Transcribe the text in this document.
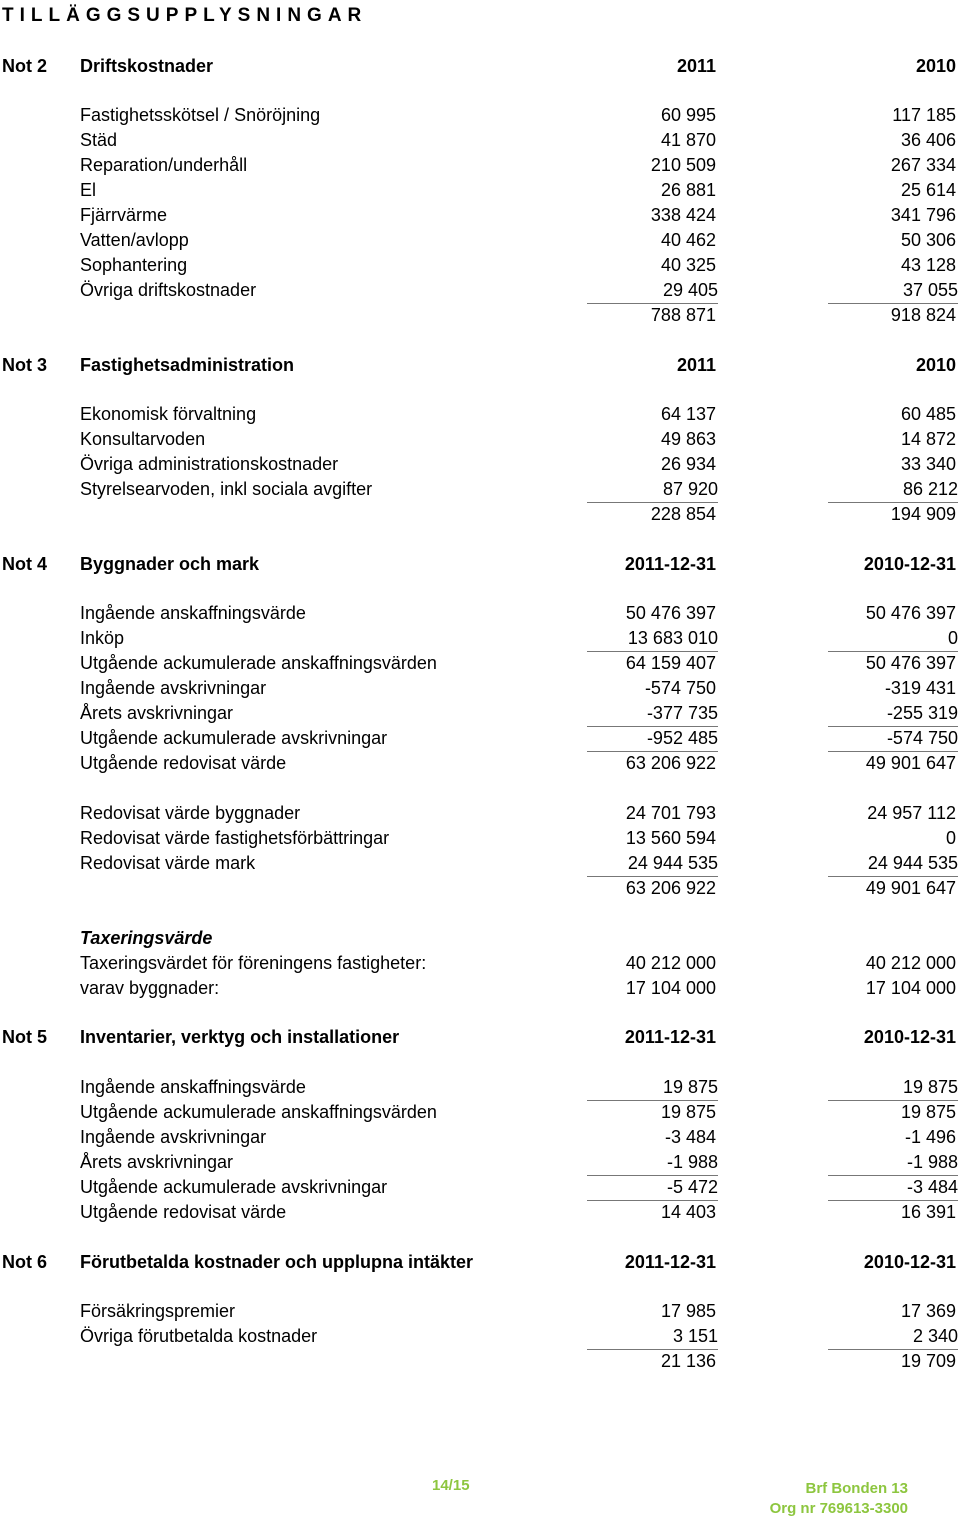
TILLÄGGSUPPLYSNINGAR
Not 2 Driftskostnader	2011	2010
Fastighetsskötsel / Snöröjning	60 995	117 185
Städ	41 870	36 406
Reparation/underhåll	210 509	267 334
El	26 881	25 614
Fjärrvärme	338 424	341 796
Vatten/avlopp	40 462	50 306
Sophantering	40 325	43 128
Övriga driftskostnader	29 405	37 055
788 871	918 824
Not 3 Fastighetsadministration	2011	2010
Ekonomisk förvaltning	64 137	60 485
Konsultarvoden	49 863	14 872
Övriga administrationskostnader	26 934	33 340
Styrelsearvoden, inkl sociala avgifter	87 920	86 212
228 854	194 909
Not 4 Byggnader och mark	2011-12-31	2010-12-31
Ingående anskaffningsvärde	50 476 397	50 476 397
Inköp	13 683 010	0
Utgående ackumulerade anskaffningsvärden	64 159 407	50 476 397
Ingående avskrivningar	-574 750	-319 431
Årets avskrivningar	-377 735	-255 319
Utgående ackumulerade avskrivningar	-952 485	-574 750
Utgående redovisat värde	63 206 922	49 901 647
Redovisat värde byggnader	24 701 793	24 957 112
Redovisat värde fastighetsförbättringar	13 560 594	0
Redovisat värde mark	24 944 535	24 944 535
63 206 922	49 901 647
Taxeringsvärde
Taxeringsvärdet för föreningens fastigheter:	40 212 000	40 212 000
varav byggnader:	17 104 000	17 104 000
Not 5 Inventarier, verktyg och installationer	2011-12-31	2010-12-31
Ingående anskaffningsvärde	19 875	19 875
Utgående ackumulerade anskaffningsvärden	19 875	19 875
Ingående avskrivningar	-3 484	-1 496
Årets avskrivningar	-1 988	-1 988
Utgående ackumulerade avskrivningar	-5 472	-3 484
Utgående redovisat värde	14 403	16 391
Not 6 Förutbetalda kostnader och upplupna intäkter	2011-12-31	2010-12-31
Försäkringspremier	17 985	17 369
Övriga förutbetalda kostnader	3 151	2 340
21 136	19 709
14/15	Brf Bonden 13
Org nr 769613-3300
